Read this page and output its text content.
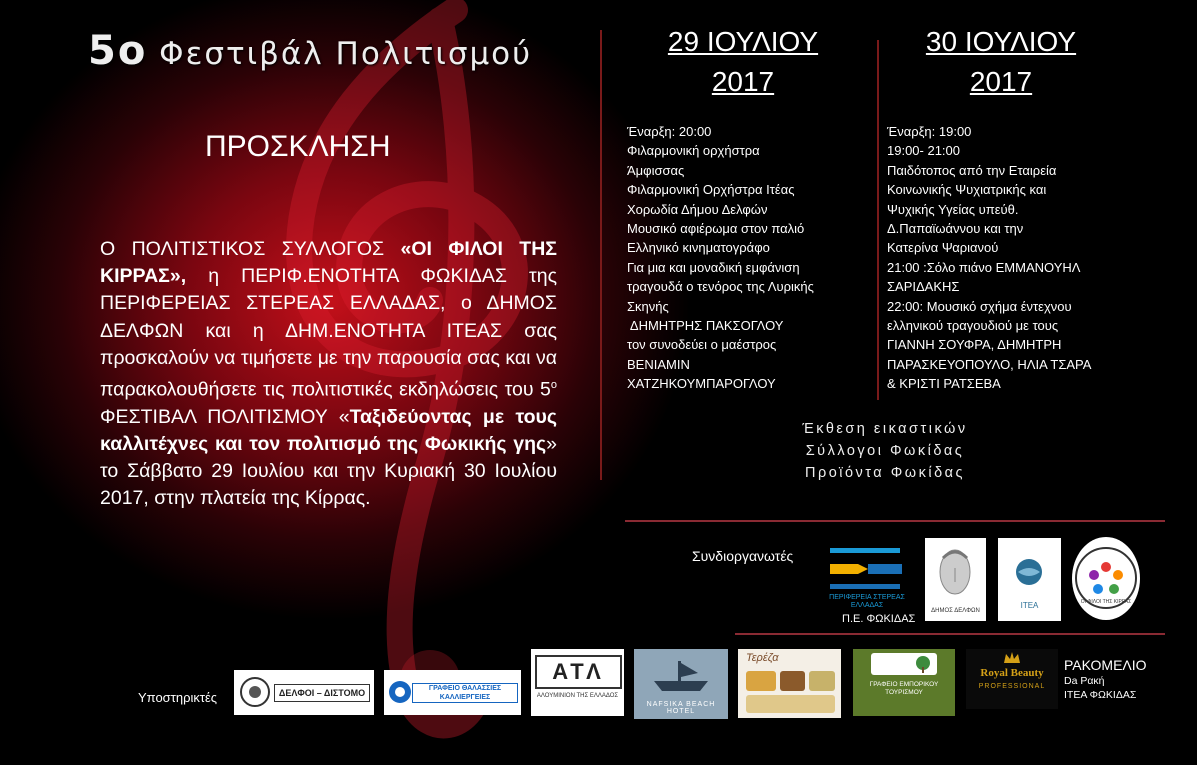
5ο Φεστιβάλ Πολιτισμού
ΠΡΟΣΚΛΗΣΗ
Ο ΠΟΛΙΤΙΣΤΙΚΟΣ ΣΥΛΛΟΓΟΣ «ΟΙ ΦΙΛΟΙ ΤΗΣ ΚΙΡΡΑΣ», η ΠΕΡΙΦ.ΕΝΟΤΗΤΑ ΦΩΚΙΔΑΣ της ΠΕΡΙΦΕΡΕΙΑΣ ΣΤΕΡΕΑΣ ΕΛΛΑΔΑΣ, ο ΔΗΜΟΣ ΔΕΛΦΩΝ και η ΔΗΜ.ΕΝΟΤΗΤΑ ΙΤΕΑΣ σας προσκαλούν να τιμήσετε με την παρουσία σας και να παρακολουθήσετε τις πολιτιστικές εκδηλώσεις του $5^o$ ΦΕΣΤΙΒΑΛ ΠΟΛΙΤΙΣΜΟΥ «Ταξιδεύοντας με τους καλλιτέχνες και τον πολιτισμό της Φωκικής γης» το Σάββατο 29 Ιουλίου και την Κυριακή 30 Ιουλίου 2017, στην πλατεία της Κίρρας.
29 ΙΟΥΛΙΟΥ
2017
30 ΙΟΥΛΙΟΥ
2017
Έναρξη: 20:00
Φιλαρμονική ορχήστρα
Άμφισσας
Φιλαρμονική Ορχήστρα Ιτέας
Χορωδία Δήμου Δελφών
Μουσικό αφιέρωμα στον παλιό
Ελληνικό κινηματογράφο
Για μια και μοναδική εμφάνιση
τραγουδά ο τενόρος της Λυρικής
Σκηνής
ΔΗΜΗΤΡΗΣ ΠΑΚΣΟΓΛΟΥ
τον συνοδεύει ο μαέστρος
ΒΕΝΙΑΜΙΝ
ΧΑΤΖΗΚΟΥΜΠΑΡΟΓΛΟΥ
Έναρξη: 19:00
19:00- 21:00
Παιδότοπος από την Εταιρεία
Κοινωνικής Ψυχιατρικής και
Ψυχικής Υγείας υπεύθ.
Δ.Παπαϊωάννου και την
Κατερίνα Ψαριανού
21:00 :Σόλο πιάνο ΕΜΜΑΝΟΥΗΛ
ΣΑΡΙΔΑΚΗΣ
22:00: Μουσικό σχήμα έντεχνου
ελληνικού τραγουδιού με τους
ΓΙΑΝΝΗ ΣΟΥΦΡΑ, ΔΗΜΗΤΡΗ
ΠΑΡΑΣΚΕΥΟΠΟΥΛΟ, ΗΛΙΑ ΤΣΑΡΑ
& ΚΡΙΣΤΙ ΡΑΤΣΕΒΑ
Έκθεση εικαστικών
Σύλλογοι Φωκίδας
Προϊόντα Φωκίδας
Συνδιοργανωτές
ΠΕΡΙΦΕΡΕΙΑ ΣΤΕΡΕΑΣ ΕΛΛΑΔΑΣ
Π.Ε. ΦΩΚΙΔΑΣ
ΔΗΜΟΣ ΔΕΛΦΩΝ
ΙΤΕΑ	ΟΙ ΦΙΛΟΙ ΤΗΣ ΚΙΡΡΑΣ
Υποστηρικτές	ΔΕΛΦΟΙ – ΔΙΣΤΟΜΟ	ΓΡΑΦΕΙΟ ΘΑΛΑΣΣΙΕΣ ΚΑΛΛΙΕΡΓΕΙΕΣ
ΑΤΛ
ΑΛΟΥΜΙΝΙΟΝ ΤΗΣ ΕΛΛΑΔΟΣ
NAFSIKA BEACH HOTEL
Τερέζα
ΓΡΑΦΕΙΟ ΕΜΠΟΡΙΚΟΥ ΤΟΥΡΙΣΜΟΥ
Royal Beauty
PROFESSIONAL
ΡΑΚΟΜΕΛΙΟ
Da Ρακή
ΙΤΕΑ ΦΩΚΙΔΑΣ
